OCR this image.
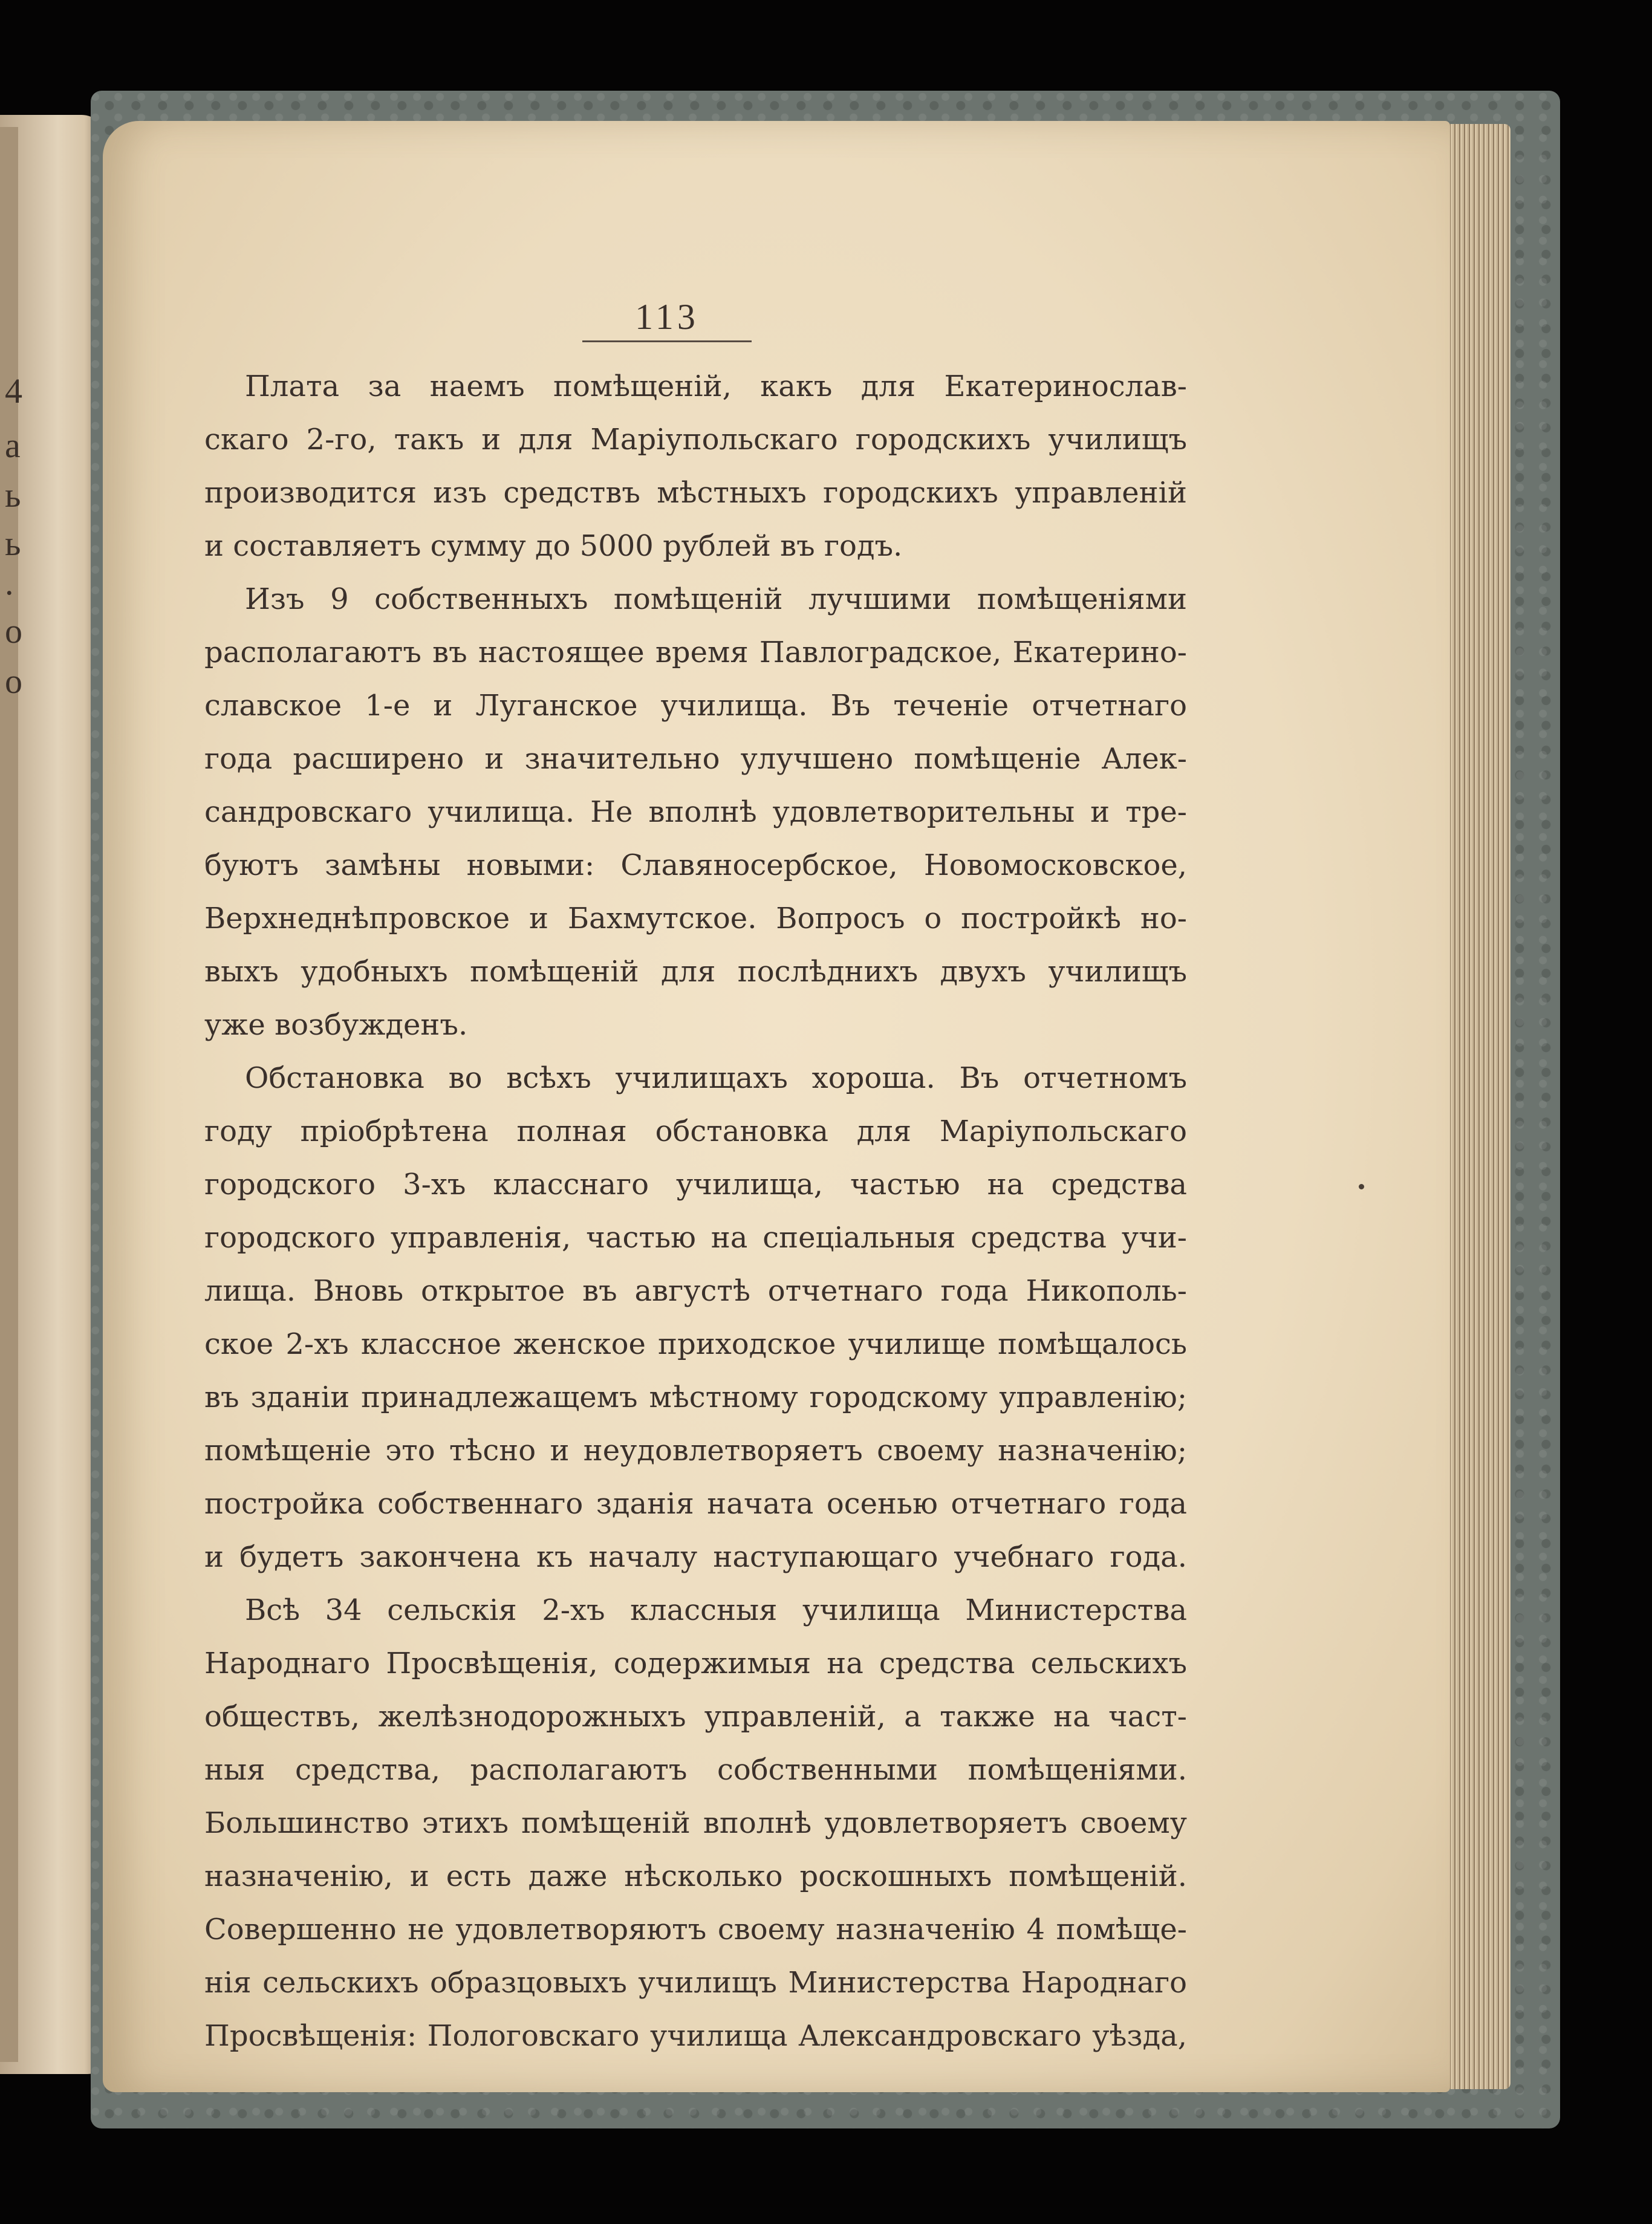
4
а
ь
ь
.
о
о
113
Плата за наемъ помѣщеній, какъ для Екатеринослав-
скаго 2-го, такъ и для Маріупольскаго городскихъ училищъ
производится изъ средствъ мѣстныхъ городскихъ управленій
и составляетъ сумму до 5000 рублей въ годъ.
Изъ 9 собственныхъ помѣщеній лучшими помѣщеніями
располагаютъ въ настоящее время Павлоградское, Екатерино-
славское 1-е и Луганское училища. Въ теченіе отчетнаго
года расширено и значительно улучшено помѣщеніе Алек-
сандровскаго училища. Не вполнѣ удовлетворительны и тре-
буютъ замѣны новыми: Славяносербское, Новомосковское,
Верхнеднѣпровское и Бахмутское. Вопросъ о постройкѣ но-
выхъ удобныхъ помѣщеній для послѣднихъ двухъ училищъ
уже возбужденъ.
Обстановка во всѣхъ училищахъ хороша. Въ отчетномъ
году пріобрѣтена полная обстановка для Маріупольскаго
городского 3-хъ класснаго училища, частью на средства
городского управленія, частью на спеціальныя средства учи-
лища. Вновь открытое въ августѣ отчетнаго года Никополь-
ское 2-хъ классное женское приходское училище помѣщалось
въ зданіи принадлежащемъ мѣстному городскому управленію;
помѣщеніе это тѣсно и неудовлетворяетъ своему назначенію;
постройка собственнаго зданія начата осенью отчетнаго года
и будетъ закончена къ началу наступающаго учебнаго года.
Всѣ 34 сельскія 2-хъ классныя училища Министерства
Народнаго Просвѣщенія, содержимыя на средства сельскихъ
обществъ, желѣзнодорожныхъ управленій, а также на част-
ныя средства, располагаютъ собственными помѣщеніями.
Большинство этихъ помѣщеній вполнѣ удовлетворяетъ своему
назначенію, и есть даже нѣсколько роскошныхъ помѣщеній.
Совершенно не удовлетворяютъ своему назначенію 4 помѣще-
нія сельскихъ образцовыхъ училищъ Министерства Народнаго
Просвѣщенія: Пологовскаго училища Александровскаго уѣзда,
